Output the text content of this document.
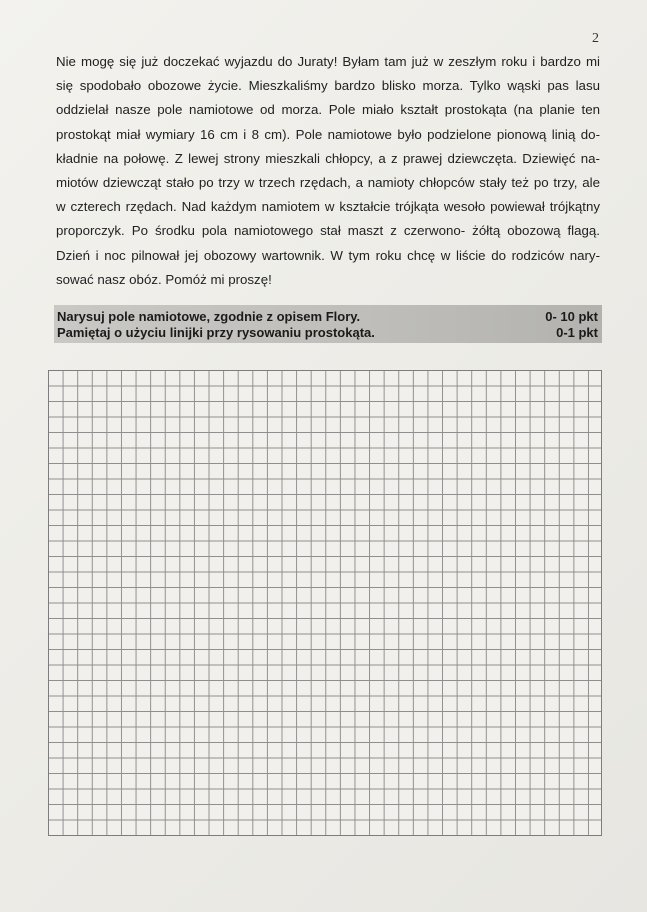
2
Nie mogę się już doczekać wyjazdu do Juraty! Byłam tam już w zeszłym roku i bardzo mi
się spodobało obozowe życie. Mieszkaliśmy bardzo blisko morza. Tylko wąski pas lasu
oddzielał nasze pole namiotowe od morza. Pole miało kształt prostokąta (na planie ten
prostokąt miał wymiary 16 cm i 8 cm). Pole namiotowe było podzielone pionową linią do-
kładnie na połowę. Z lewej strony mieszkali chłopcy, a z prawej dziewczęta. Dziewięć na-
miotów dziewcząt stało po trzy w trzech rzędach, a namioty chłopców stały też po trzy, ale
w czterech rzędach. Nad każdym namiotem w kształcie trójkąta wesoło powiewał trójkątny
proporczyk. Po środku pola namiotowego stał maszt z czerwono- żółtą obozową flagą.
Dzień i noc pilnował jej obozowy wartownik. W tym roku chcę w liście do rodziców nary-
sować nasz obóz. Pomóż mi proszę!
Narysuj pole namiotowe, zgodnie z opisem Flory.	0- 10 pkt
Pamiętaj o użyciu linijki przy rysowaniu prostokąta.	0-1 pkt
